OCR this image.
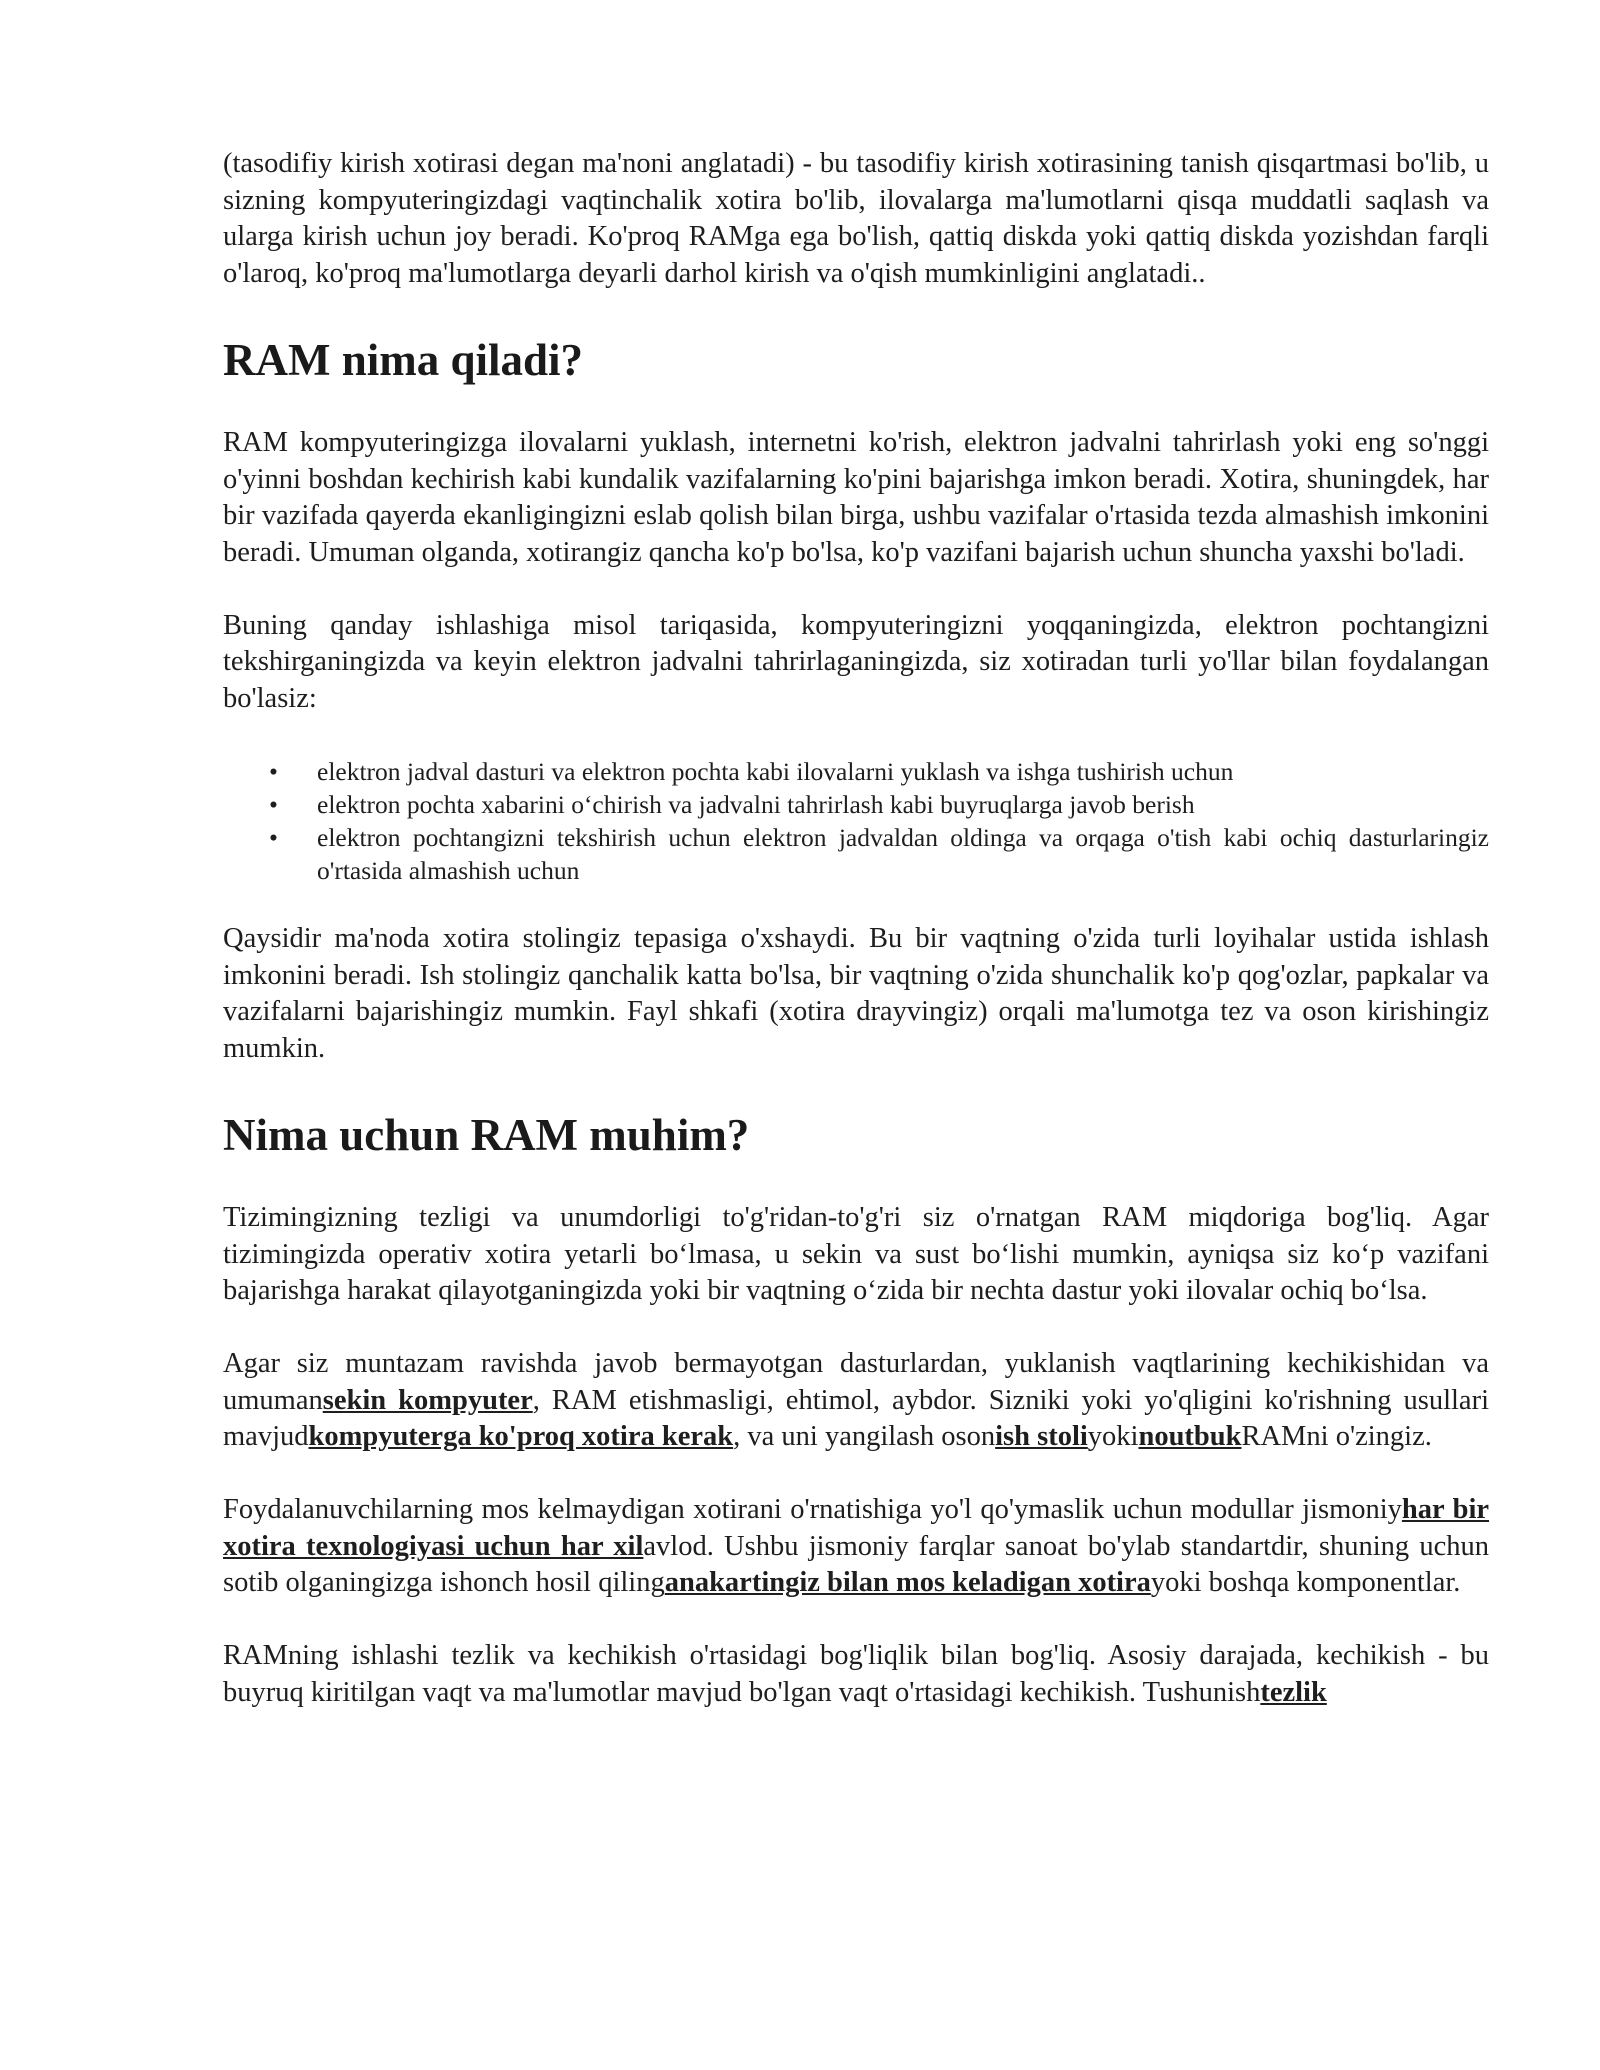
(tasodifiy kirish xotirasi degan ma'noni anglatadi) - bu tasodifiy kirish xotirasining tanish qisqartmasi bo'lib, u sizning kompyuteringizdagi vaqtinchalik xotira bo'lib, ilovalarga ma'lumotlarni qisqa muddatli saqlash va ularga kirish uchun joy beradi. Ko'proq RAMga ega bo'lish, qattiq diskda yoki qattiq diskda yozishdan farqli o'laroq, ko'proq ma'lumotlarga deyarli darhol kirish va o'qish mumkinligini anglatadi..

RAM nima qiladi?

RAM kompyuteringizga ilovalarni yuklash, internetni ko'rish, elektron jadvalni tahrirlash yoki eng so'nggi o'yinni boshdan kechirish kabi kundalik vazifalarning ko'pini bajarishga imkon beradi. Xotira, shuningdek, har bir vazifada qayerda ekanligingizni eslab qolish bilan birga, ushbu vazifalar o'rtasida tezda almashish imkonini beradi. Umuman olganda, xotirangiz qancha ko'p bo'lsa, ko'p vazifani bajarish uchun shuncha yaxshi bo'ladi.

Buning qanday ishlashiga misol tariqasida, kompyuteringizni yoqqaningizda, elektron pochtangizni tekshirganingizda va keyin elektron jadvalni tahrirlaganingizda, siz xotiradan turli yo'llar bilan foydalangan bo'lasiz:

• elektron jadval dasturi va elektron pochta kabi ilovalarni yuklash va ishga tushirish uchun
• elektron pochta xabarini o‘chirish va jadvalni tahrirlash kabi buyruqlarga javob berish
• elektron pochtangizni tekshirish uchun elektron jadvaldan oldinga va orqaga o'tish kabi ochiq dasturlaringiz o'rtasida almashish uchun

Qaysidir ma'noda xotira stolingiz tepasiga o'xshaydi. Bu bir vaqtning o'zida turli loyihalar ustida ishlash imkonini beradi. Ish stolingiz qanchalik katta bo'lsa, bir vaqtning o'zida shunchalik ko'p qog'ozlar, papkalar va vazifalarni bajarishingiz mumkin. Fayl shkafi (xotira drayvingiz) orqali ma'lumotga tez va oson kirishingiz mumkin.

Nima uchun RAM muhim?

Tizimingizning tezligi va unumdorligi to'g'ridan-to'g'ri siz o'rnatgan RAM miqdoriga bog'liq. Agar tizimingizda operativ xotira yetarli bo‘lmasa, u sekin va sust bo‘lishi mumkin, ayniqsa siz ko‘p vazifani bajarishga harakat qilayotganingizda yoki bir vaqtning o‘zida bir nechta dastur yoki ilovalar ochiq bo‘lsa.

Agar siz muntazam ravishda javob bermayotgan dasturlardan, yuklanish vaqtlarining kechikishidan va umumansekin kompyuter, RAM etishmasligi, ehtimol, aybdor. Sizniki yoki yo'qligini ko'rishning usullari mavjudkompyuterga ko'proq xotira kerak, va uni yangilash osonish stoliyokinoutbukRAMni o'zingiz.

Foydalanuvchilarning mos kelmaydigan xotirani o'rnatishiga yo'l qo'ymaslik uchun modullar jismoniyhar bir xotira texnologiyasi uchun har xilavlod. Ushbu jismoniy farqlar sanoat bo'ylab standartdir, shuning uchun sotib olganingizga ishonch hosil qilinganakartingiz bilan mos keladigan xotirayoki boshqa komponentlar.

RAMning ishlashi tezlik va kechikish o'rtasidagi bog'liqlik bilan bog'liq. Asosiy darajada, kechikish - bu buyruq kiritilgan vaqt va ma'lumotlar mavjud bo'lgan vaqt o'rtasidagi kechikish. Tushunishtezlik
